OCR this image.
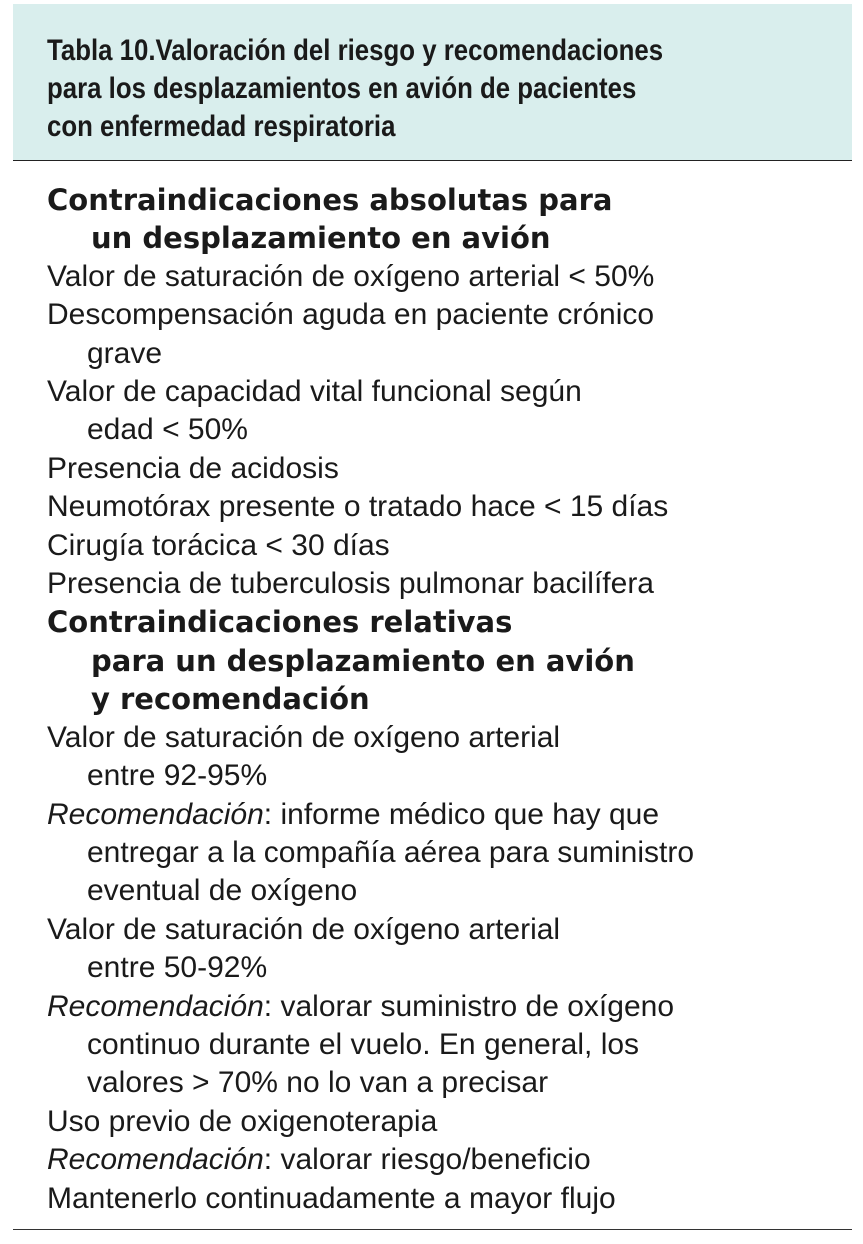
Tabla 10.Valoración del riesgo y recomendaciones
para los desplazamientos en avión de pacientes
con enfermedad respiratoria
Contraindicaciones absolutas para
un desplazamiento en avión
Valor de saturación de oxígeno arterial < 50%
Descompensación aguda en paciente crónico
grave
Valor de capacidad vital funcional según
edad < 50%
Presencia de acidosis
Neumotórax presente o tratado hace < 15 días
Cirugía torácica < 30 días
Presencia de tuberculosis pulmonar bacilífera
Contraindicaciones relativas
para un desplazamiento en avión
y recomendación
Valor de saturación de oxígeno arterial
entre 92-95%
Recomendación: informe médico que hay que
entregar a la compañía aérea para suministro
eventual de oxígeno
Valor de saturación de oxígeno arterial
entre 50-92%
Recomendación: valorar suministro de oxígeno
continuo durante el vuelo. En general, los
valores > 70% no lo van a precisar
Uso previo de oxigenoterapia
Recomendación: valorar riesgo/beneficio
Mantenerlo continuadamente a mayor flujo
